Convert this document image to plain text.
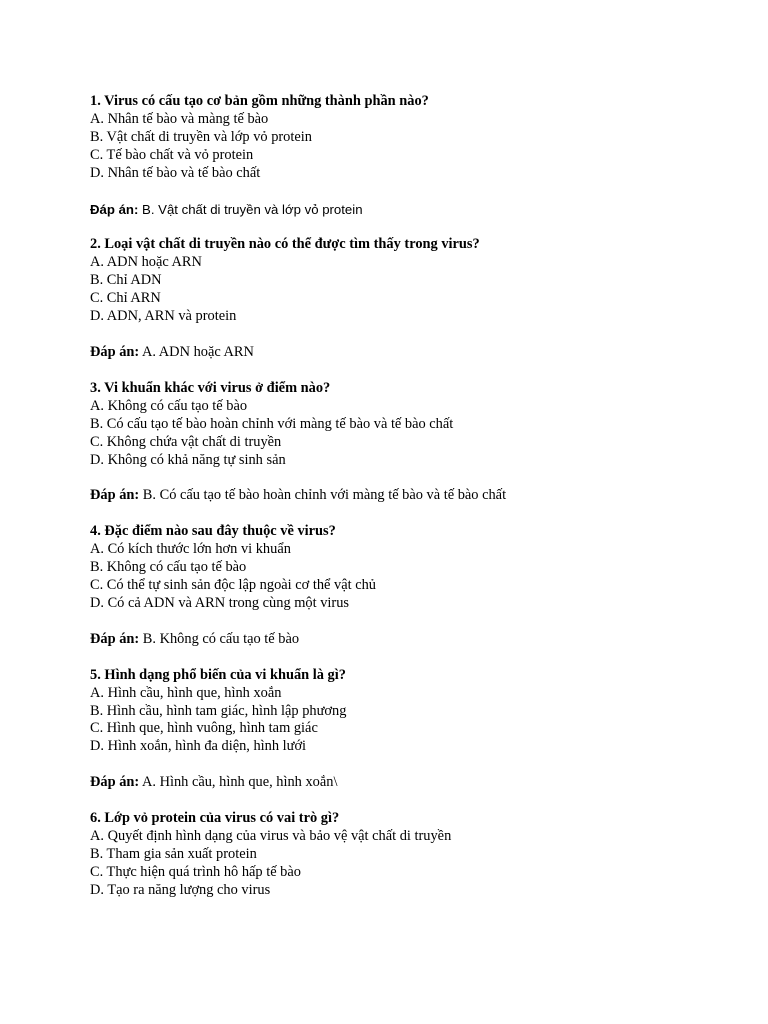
1. Virus có cấu tạo cơ bản gồm những thành phần nào?
A. Nhân tế bào và màng tế bào
B. Vật chất di truyền và lớp vỏ protein
C. Tế bào chất và vỏ protein
D. Nhân tế bào và tế bào chất
Đáp án: B. Vật chất di truyền và lớp vỏ protein
2. Loại vật chất di truyền nào có thể được tìm thấy trong virus?
A. ADN hoặc ARN
B. Chỉ ADN
C. Chỉ ARN
D. ADN, ARN và protein
Đáp án: A. ADN hoặc ARN
3. Vi khuẩn khác với virus ở điểm nào?
A. Không có cấu tạo tế bào
B. Có cấu tạo tế bào hoàn chỉnh với màng tế bào và tế bào chất
C. Không chứa vật chất di truyền
D. Không có khả năng tự sinh sản
Đáp án: B. Có cấu tạo tế bào hoàn chỉnh với màng tế bào và tế bào chất
4. Đặc điểm nào sau đây thuộc về virus?
A. Có kích thước lớn hơn vi khuẩn
B. Không có cấu tạo tế bào
C. Có thể tự sinh sản độc lập ngoài cơ thể vật chủ
D. Có cả ADN và ARN trong cùng một virus
Đáp án: B. Không có cấu tạo tế bào
5. Hình dạng phổ biến của vi khuẩn là gì?
A. Hình cầu, hình que, hình xoắn
B. Hình cầu, hình tam giác, hình lập phương
C. Hình que, hình vuông, hình tam giác
D. Hình xoắn, hình đa diện, hình lưới
Đáp án: A. Hình cầu, hình que, hình xoắn\
6. Lớp vỏ protein của virus có vai trò gì?
A. Quyết định hình dạng của virus và bảo vệ vật chất di truyền
B. Tham gia sản xuất protein
C. Thực hiện quá trình hô hấp tế bào
D. Tạo ra năng lượng cho virus
